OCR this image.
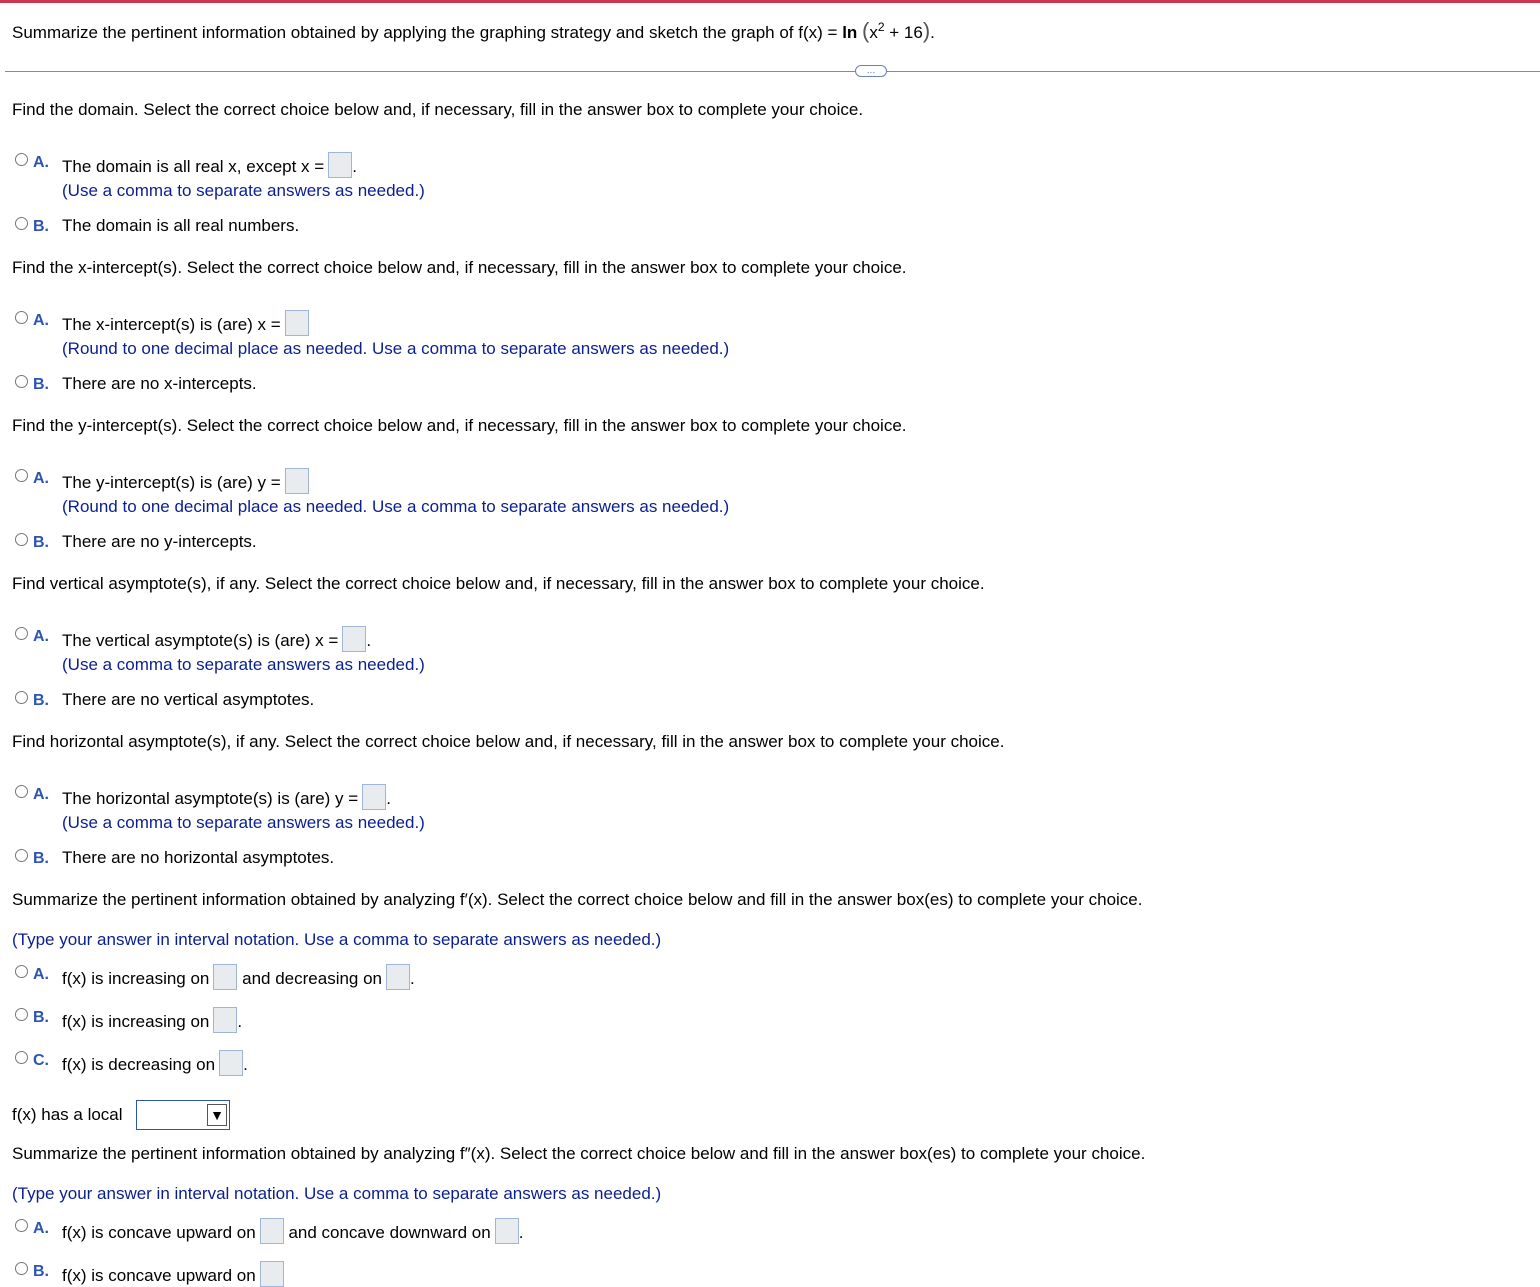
Summarize the pertinent information obtained by applying the graphing strategy and sketch the graph of $f(x) = \ln (x^2 + 16)$.
…
Find the domain. Select the correct choice below and, if necessary, fill in the answer box to complete your choice.
A. The domain is all real x, except x = .
(Use a comma to separate answers as needed.)
B. The domain is all real numbers.
Find the x-intercept(s). Select the correct choice below and, if necessary, fill in the answer box to complete your choice.
A. The x-intercept(s) is (are) x =
(Round to one decimal place as needed. Use a comma to separate answers as needed.)
B. There are no x-intercepts.
Find the y-intercept(s). Select the correct choice below and, if necessary, fill in the answer box to complete your choice.
A. The y-intercept(s) is (are) y =
(Round to one decimal place as needed. Use a comma to separate answers as needed.)
B. There are no y-intercepts.
Find vertical asymptote(s), if any. Select the correct choice below and, if necessary, fill in the answer box to complete your choice.
A. The vertical asymptote(s) is (are) x = .
(Use a comma to separate answers as needed.)
B. There are no vertical asymptotes.
Find horizontal asymptote(s), if any. Select the correct choice below and, if necessary, fill in the answer box to complete your choice.
A. The horizontal asymptote(s) is (are) y = .
(Use a comma to separate answers as needed.)
B. There are no horizontal asymptotes.
Summarize the pertinent information obtained by analyzing f′(x). Select the correct choice below and fill in the answer box(es) to complete your choice.
(Type your answer in interval notation. Use a comma to separate answers as needed.)
A. f(x) is increasing on and decreasing on .
B. f(x) is increasing on .
C. f(x) is decreasing on .
f(x) has a local	▼
Summarize the pertinent information obtained by analyzing f″(x). Select the correct choice below and fill in the answer box(es) to complete your choice.
(Type your answer in interval notation. Use a comma to separate answers as needed.)
A. f(x) is concave upward on and concave downward on .
B. f(x) is concave upward on
